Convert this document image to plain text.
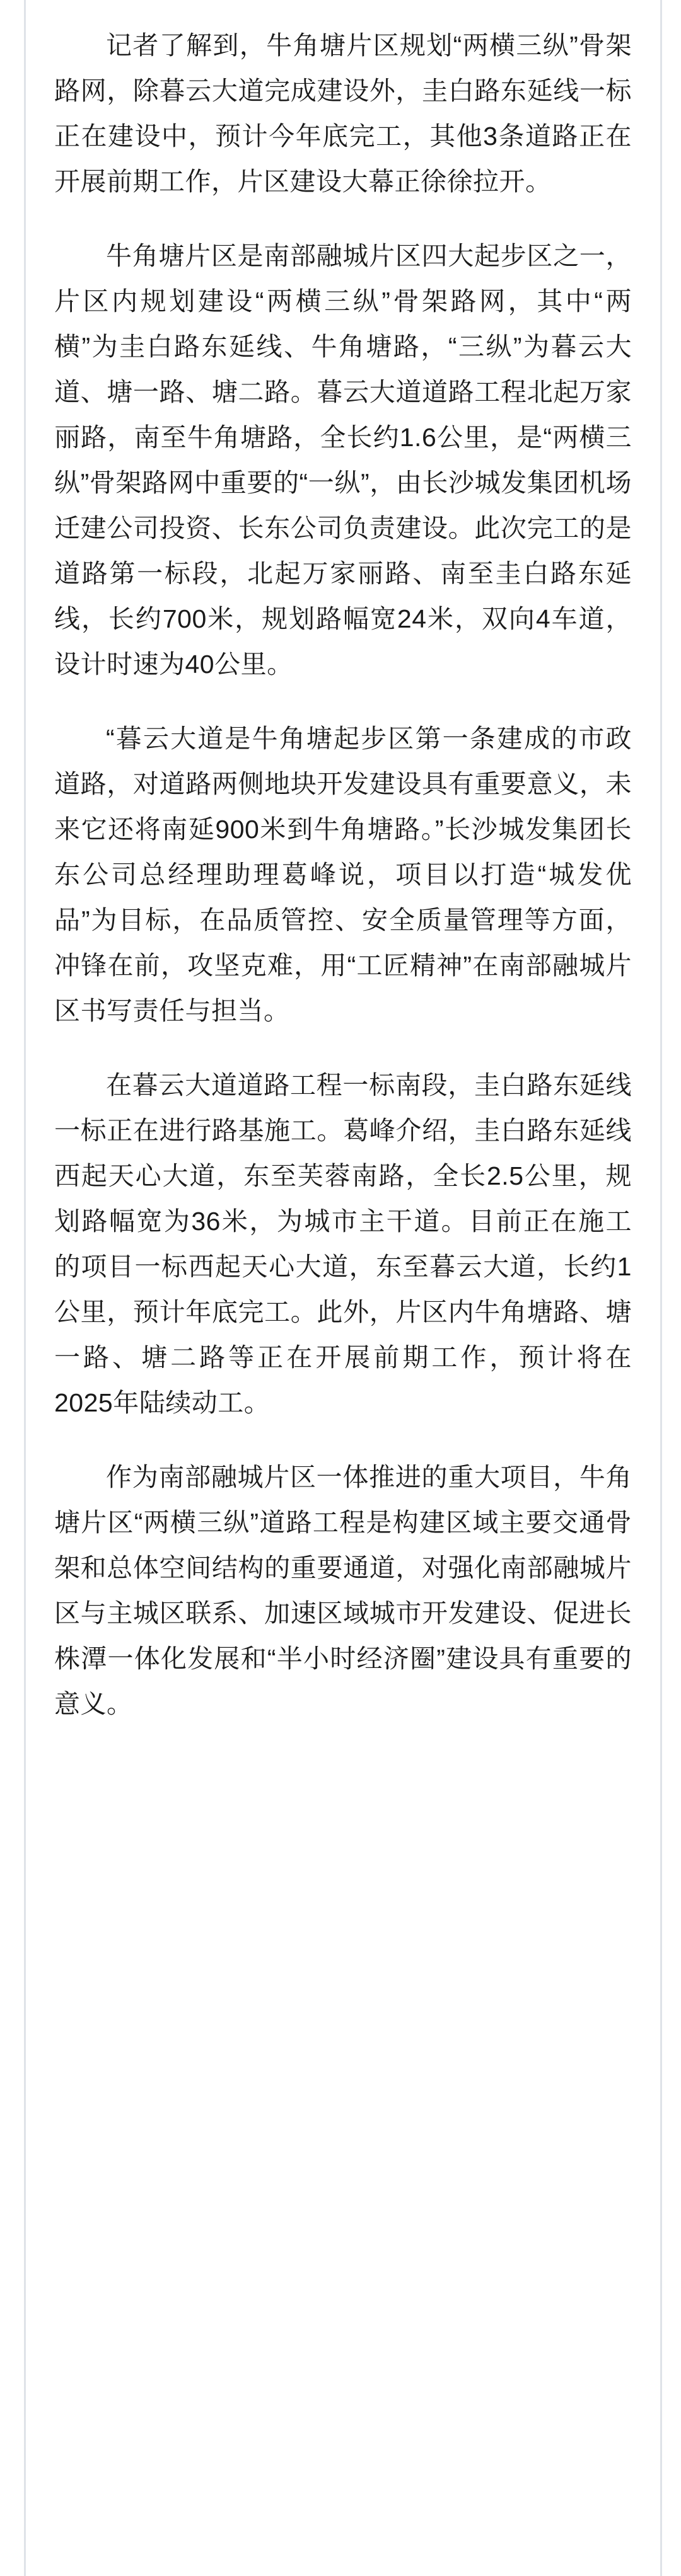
记者了解到，牛角塘片区规划“两横三纵”骨架路网，除暮云大道完成建设外，圭白路东延线一标正在建设中，预计今年底完工，其他3条道路正在开展前期工作，片区建设大幕正徐徐拉开。

牛角塘片区是南部融城片区四大起步区之一，片区内规划建设“两横三纵”骨架路网，其中“两横”为圭白路东延线、牛角塘路，“三纵”为暮云大道、塘一路、塘二路。暮云大道道路工程北起万家丽路，南至牛角塘路，全长约1.6公里，是“两横三纵”骨架路网中重要的“一纵”，由长沙城发集团机场迁建公司投资、长东公司负责建设。此次完工的是道路第一标段，北起万家丽路、南至圭白路东延线，长约700米，规划路幅宽24米，双向4车道，设计时速为40公里。

“暮云大道是牛角塘起步区第一条建成的市政道路，对道路两侧地块开发建设具有重要意义，未来它还将南延900米到牛角塘路。”长沙城发集团长东公司总经理助理葛峰说，项目以打造“城发优品”为目标，在品质管控、安全质量管理等方面，冲锋在前，攻坚克难，用“工匠精神”在南部融城片区书写责任与担当。

在暮云大道道路工程一标南段，圭白路东延线一标正在进行路基施工。葛峰介绍，圭白路东延线西起天心大道，东至芙蓉南路，全长2.5公里，规划路幅宽为36米，为城市主干道。目前正在施工的项目一标西起天心大道，东至暮云大道，长约1公里，预计年底完工。此外，片区内牛角塘路、塘一路、塘二路等正在开展前期工作，预计将在2025年陆续动工。

作为南部融城片区一体推进的重大项目，牛角塘片区“两横三纵”道路工程是构建区域主要交通骨架和总体空间结构的重要通道，对强化南部融城片区与主城区联系、加速区域城市开发建设、促进长株潭一体化发展和“半小时经济圈”建设具有重要的意义。
